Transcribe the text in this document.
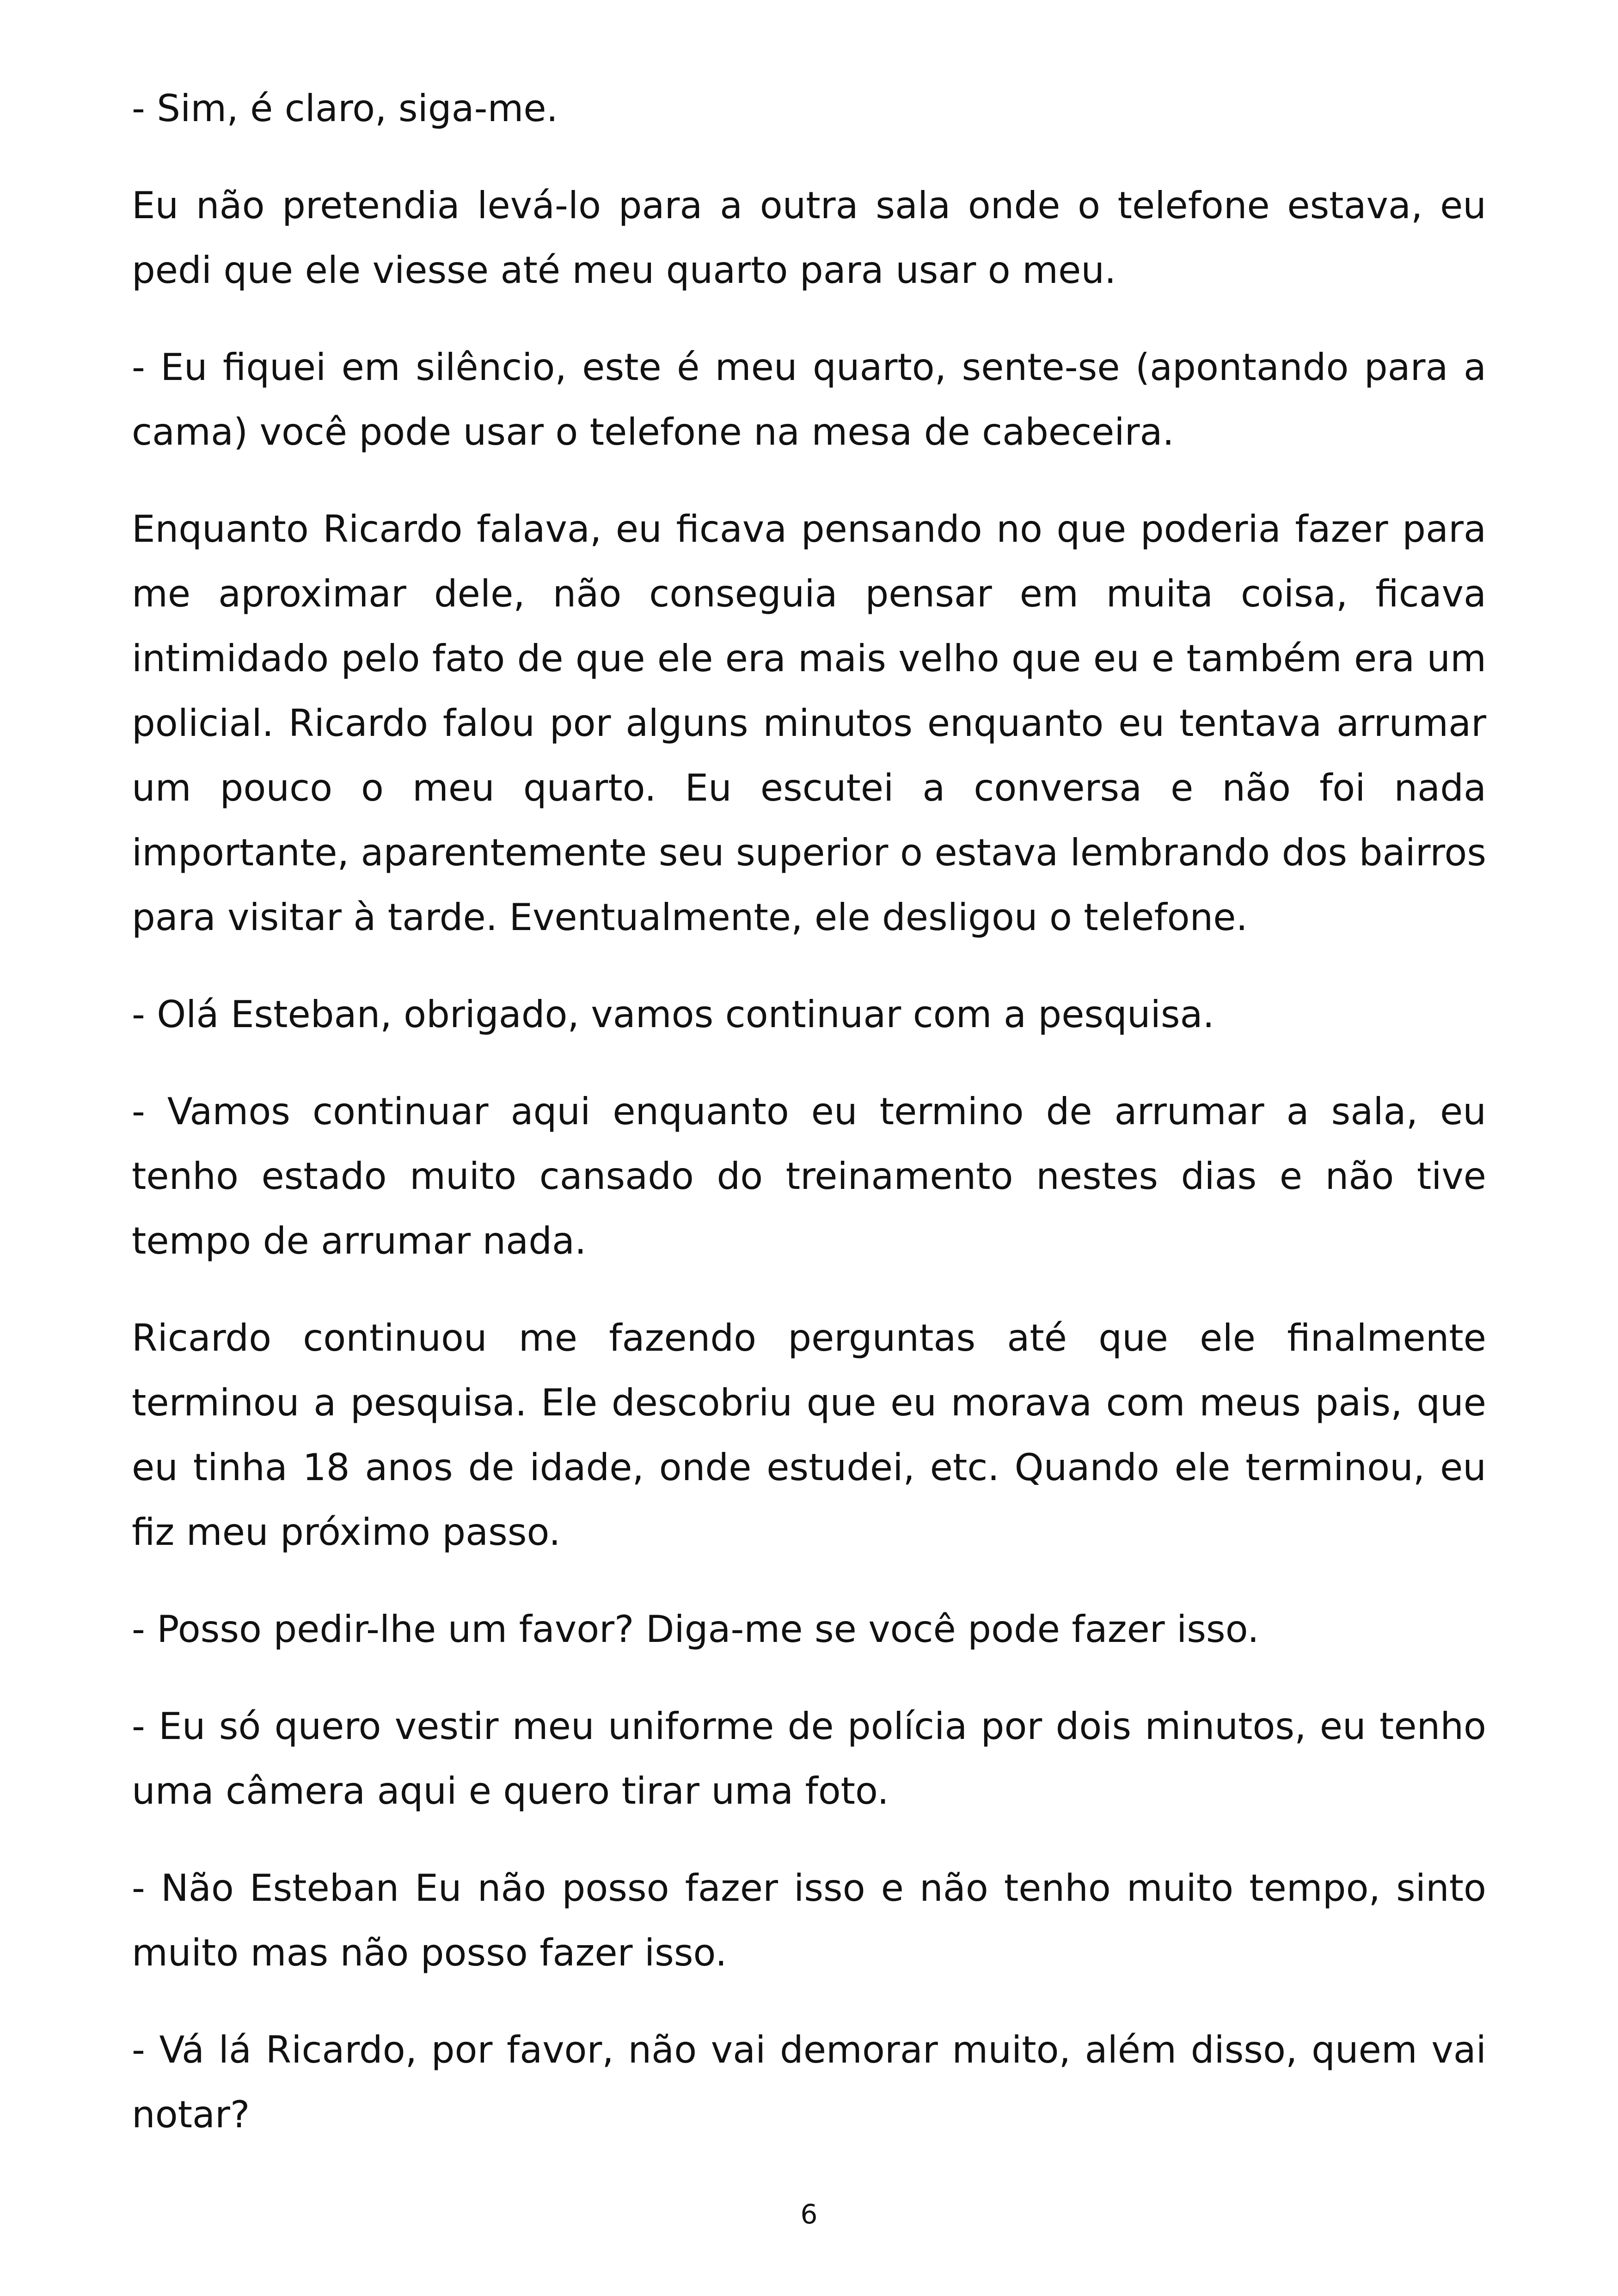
- Sim, é claro, siga-me.

Eu não pretendia levá-lo para a outra sala onde o telefone estava, eu pedi que ele viesse até meu quarto para usar o meu.

- Eu fiquei em silêncio, este é meu quarto, sente-se (apontando para a cama) você pode usar o telefone na mesa de cabeceira.

Enquanto Ricardo falava, eu ficava pensando no que poderia fazer para me aproximar dele, não conseguia pensar em muita coisa, ficava intimidado pelo fato de que ele era mais velho que eu e também era um policial. Ricardo falou por alguns minutos enquanto eu tentava arrumar um pouco o meu quarto. Eu escutei a conversa e não foi nada importante, aparentemente seu superior o estava lembrando dos bairros para visitar à tarde. Eventualmente, ele desligou o telefone.

- Olá Esteban, obrigado, vamos continuar com a pesquisa.

- Vamos continuar aqui enquanto eu termino de arrumar a sala, eu tenho estado muito cansado do treinamento nestes dias e não tive tempo de arrumar nada.

Ricardo continuou me fazendo perguntas até que ele finalmente terminou a pesquisa. Ele descobriu que eu morava com meus pais, que eu tinha 18 anos de idade, onde estudei, etc. Quando ele terminou, eu fiz meu próximo passo.

- Posso pedir-lhe um favor? Diga-me se você pode fazer isso.

- Eu só quero vestir meu uniforme de polícia por dois minutos, eu tenho uma câmera aqui e quero tirar uma foto.

- Não Esteban Eu não posso fazer isso e não tenho muito tempo, sinto muito mas não posso fazer isso.

- Vá lá Ricardo, por favor, não vai demorar muito, além disso, quem vai notar?

6
